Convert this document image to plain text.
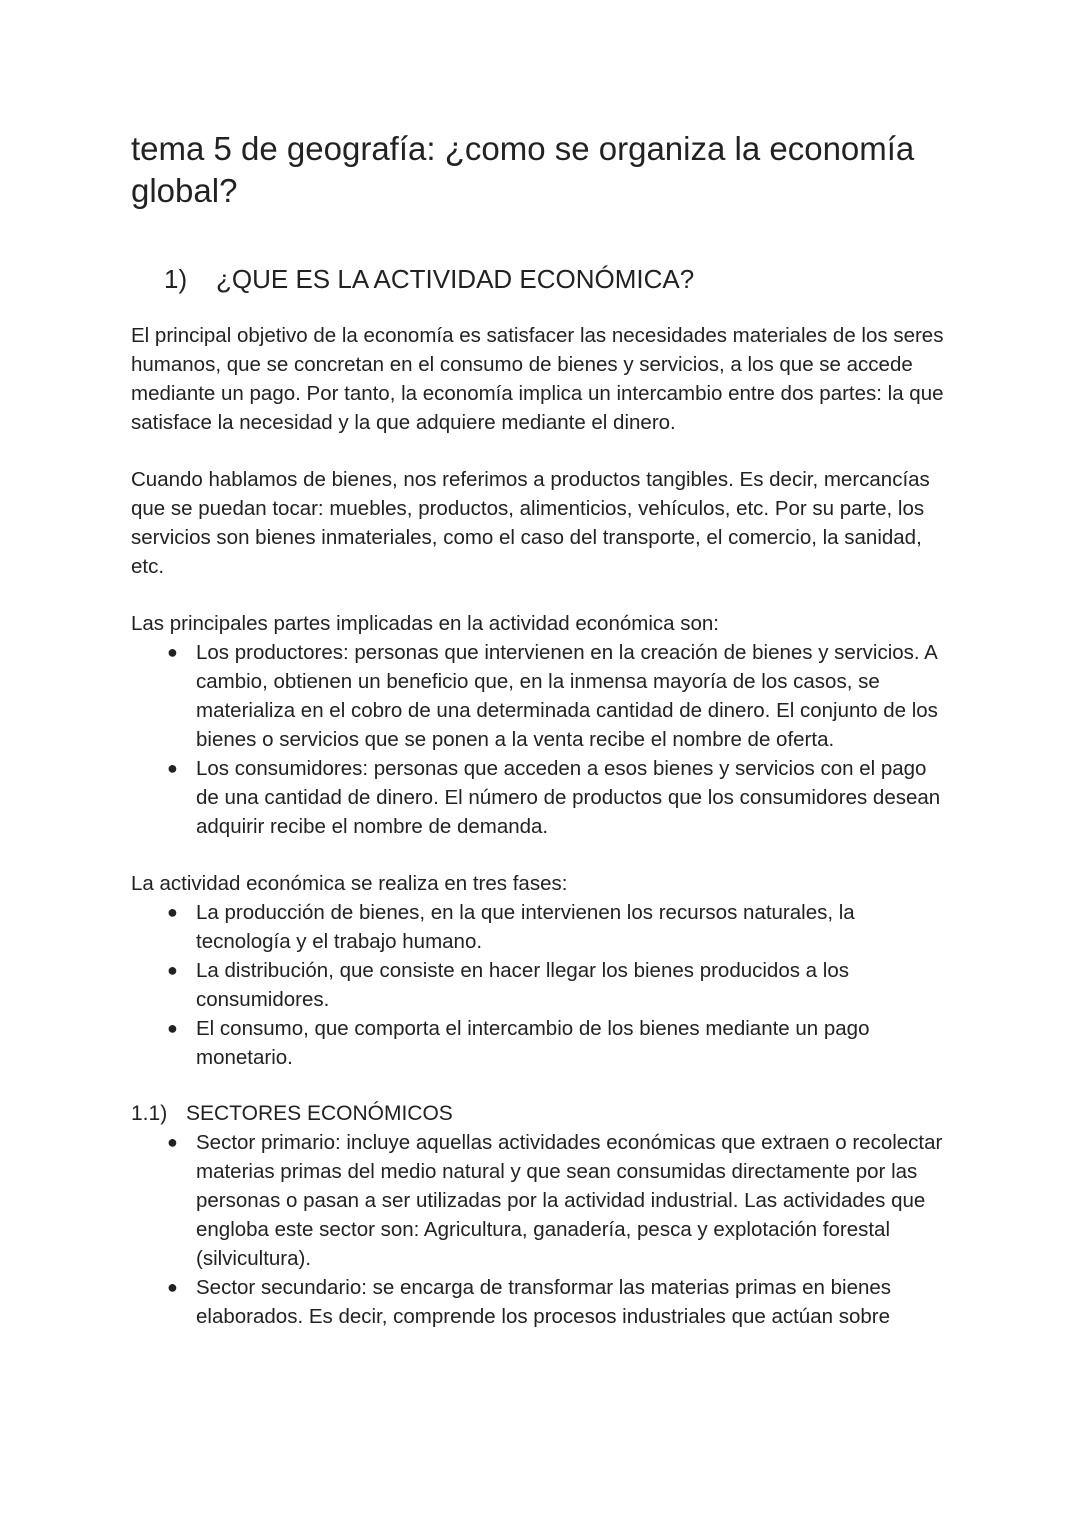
tema 5 de geografía: ¿como se organiza la economía global?
1)	¿QUE ES LA ACTIVIDAD ECONÓMICA?

El principal objetivo de la economía es satisfacer las necesidades materiales de los seres humanos, que se concretan en el consumo de bienes y servicios, a los que se accede mediante un pago. Por tanto, la economía implica un intercambio entre dos partes: la que satisface la necesidad y la que adquiere mediante el dinero.

Cuando hablamos de bienes, nos referimos a productos tangibles. Es decir, mercancías que se puedan tocar: muebles, productos, alimenticios, vehículos, etc. Por su parte, los servicios son bienes inmateriales, como el caso del transporte, el comercio, la sanidad, etc.

Las principales partes implicadas en la actividad económica son:

● Los productores: personas que intervienen en la creación de bienes y servicios. A cambio, obtienen un beneficio que, en la inmensa mayoría de los casos, se materializa en el cobro de una determinada cantidad de dinero. El conjunto de los bienes o servicios que se ponen a la venta recibe el nombre de oferta.
● Los consumidores: personas que acceden a esos bienes y servicios con el pago de una cantidad de dinero. El número de productos que los consumidores desean adquirir recibe el nombre de demanda.

La actividad económica se realiza en tres fases:

● La producción de bienes, en la que intervienen los recursos naturales, la tecnología y el trabajo humano.
● La distribución, que consiste en hacer llegar los bienes producidos a los consumidores.
● El consumo, que comporta el intercambio de los bienes mediante un pago monetario.
1.1) SECTORES ECONÓMICOS
● Sector primario: incluye aquellas actividades económicas que extraen o recolectar materias primas del medio natural y que sean consumidas directamente por las personas o pasan a ser utilizadas por la actividad industrial. Las actividades que engloba este sector son: Agricultura, ganadería, pesca y explotación forestal (silvicultura).
● Sector secundario: se encarga de transformar las materias primas en bienes elaborados. Es decir, comprende los procesos industriales que actúan sobre
